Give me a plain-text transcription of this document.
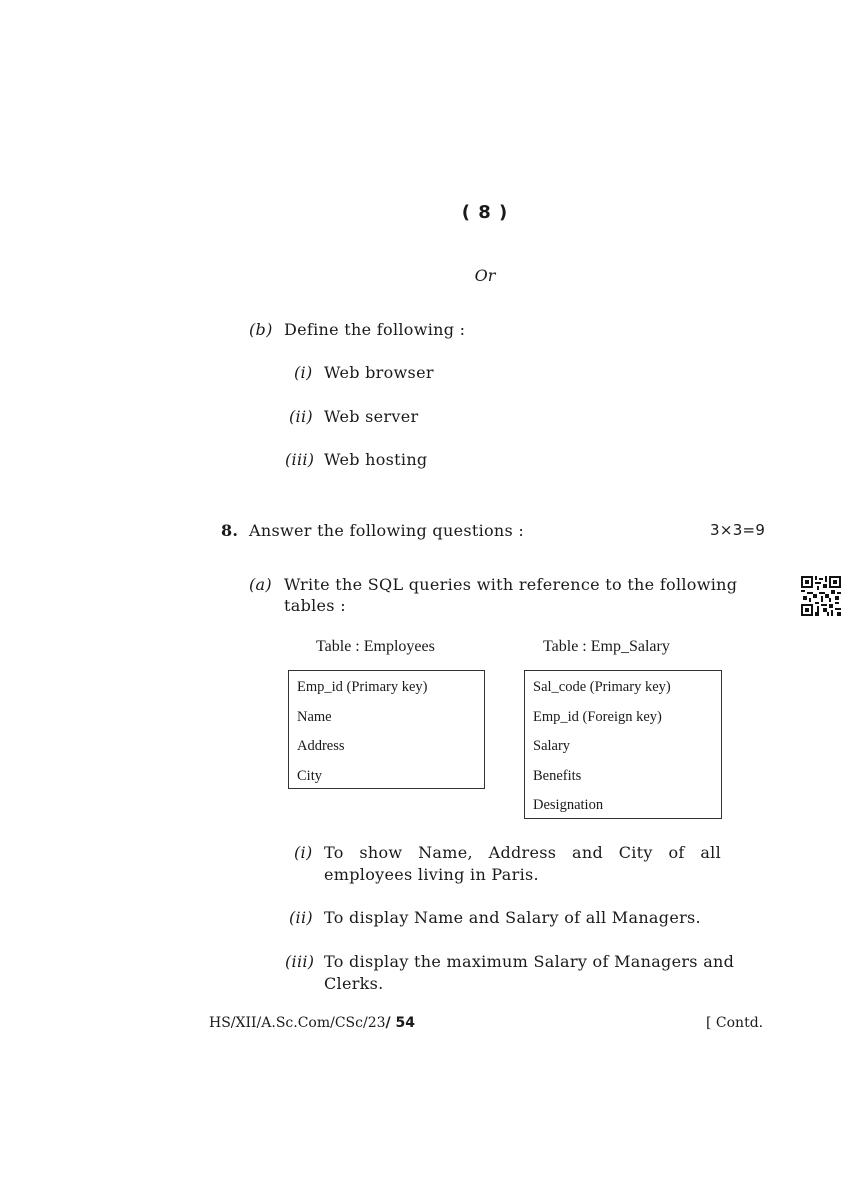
( 8 )
Or
(b) Define the following :
(i) Web browser
(ii) Web server
(iii) Web hosting
8. Answer the following questions :	3×3=9
(a) Write the SQL queries with reference to the following
tables :
Table : Employees	Table : Emp_Salary
Emp_id (Primary key)
Name
Address
City
Sal_code (Primary key)
Emp_id (Foreign key)
Salary
Benefits
Designation
(i) To show Name, Address and City of all
employees living in Paris.
(ii) To display Name and Salary of all Managers.
(iii) To display the maximum Salary of Managers and
Clerks.
HS/XII/A.Sc.Com/CSc/23/ 54	[ Contd.
